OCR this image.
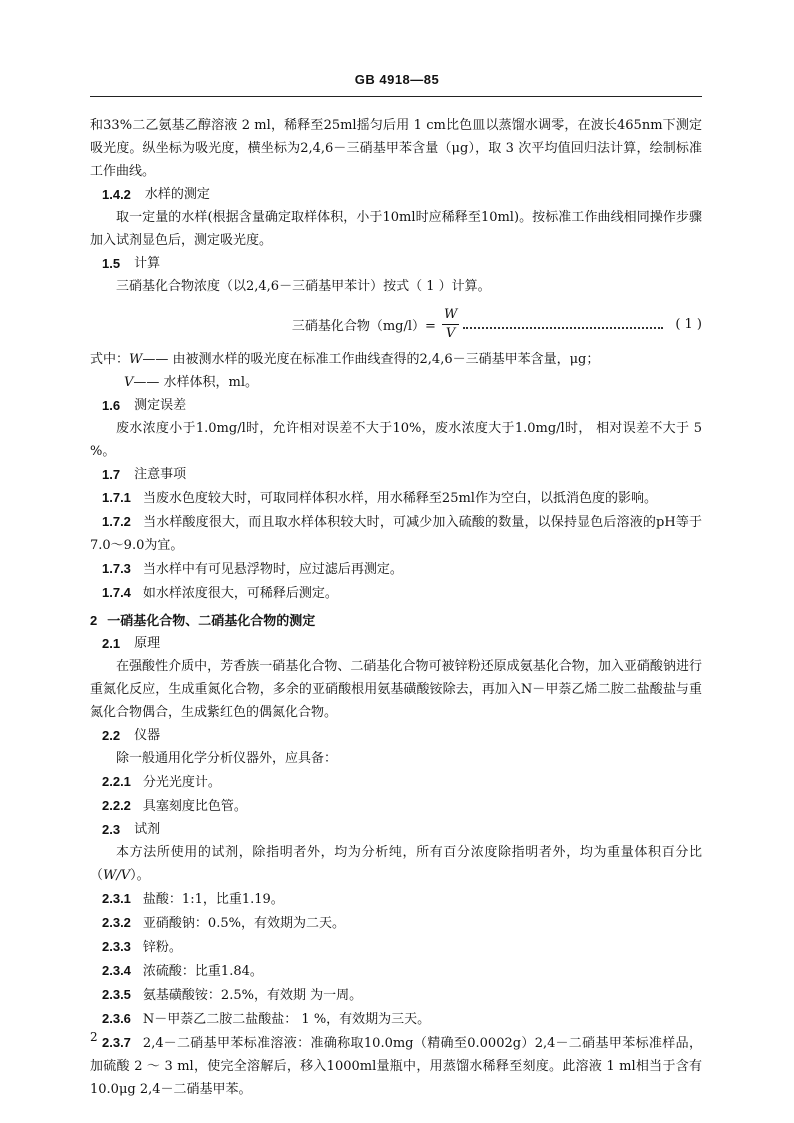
GB 4918—85

和33%二乙氨基乙醇溶液 2 ml，稀释至25ml摇匀后用 1 cm比色皿以蒸馏水调零，在波长465nm下测定吸光度。纵坐标为吸光度，横坐标为2,4,6－三硝基甲苯含量（μg），取 3 次平均值回归法计算，绘制标准工作曲线。

1.4.2 水样的测定

取一定量的水样(根据含量确定取样体积，小于10ml时应稀释至10ml)。按标准工作曲线相同操作步骤加入试剂显色后，测定吸光度。

1.5 计算

三硝基化合物浓度（以2,4,6－三硝基甲苯计）按式（ 1 ）计算。

三硝基化合物$(mg/l)= \frac{W}{V}$	( 1 )
式中：W—— 由被测水样的吸光度在标准工作曲线查得的2,4,6－三硝基甲苯含量，μg；
V—— 水样体积，ml。
1.6 测定误差

废水浓度小于1.0mg/l时，允许相对误差不大于10%，废水浓度大于1.0mg/l时， 相对误差不大于 5 %。

1.7 注意事项

1.7.1 当废水色度较大时，可取同样体积水样，用水稀释至25ml作为空白，以抵消色度的影响。

1.7.2 当水样酸度很大，而且取水样体积较大时，可减少加入硫酸的数量，以保持显色后溶液的pH等于7.0～9.0为宜。

1.7.3 当水样中有可见悬浮物时，应过滤后再测定。

1.7.4 如水样浓度很大，可稀释后测定。

2 一硝基化合物、二硝基化合物的测定
2.1 原理

在强酸性介质中，芳香族一硝基化合物、二硝基化合物可被锌粉还原成氨基化合物，加入亚硝酸钠进行重氮化反应，生成重氮化合物，多余的亚硝酸根用氨基磺酸铵除去，再加入N－甲萘乙烯二胺二盐酸盐与重氮化合物偶合，生成紫红色的偶氮化合物。

2.2 仪器

除一般通用化学分析仪器外，应具备：

2.2.1 分光光度计。

2.2.2 具塞刻度比色管。

2.3 试剂

本方法所使用的试剂，除指明者外，均为分析纯，所有百分浓度除指明者外，均为重量体积百分比（W/V）。

2.3.1 盐酸：1:1，比重1.19。

2.3.2 亚硝酸钠：0.5%，有效期为二天。

2.3.3 锌粉。

2.3.4 浓硫酸：比重1.84。

2.3.5 氨基磺酸铵：2.5%，有效期 为一周。

2.3.6 N－甲萘乙二胺二盐酸盐： 1 %，有效期为三天。

2.3.7 2,4－二硝基甲苯标准溶液：准确称取10.0mg（精确至0.0002g）2,4－二硝基甲苯标准样品，加硫酸 2 ～ 3 ml，使完全溶解后，移入1000ml量瓶中，用蒸馏水稀释至刻度。此溶液 1 ml相当于含有10.0μg 2,4－二硝基甲苯。

2
